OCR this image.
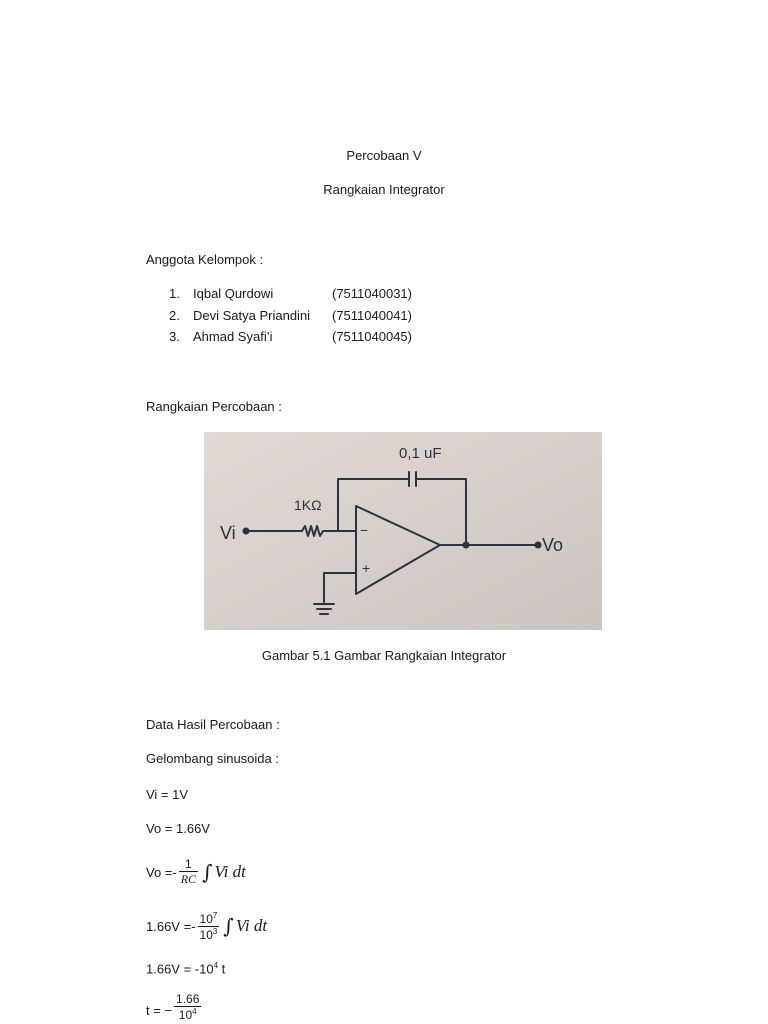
Percobaan V
Rangkaian Integrator
Anggota Kelompok :
1. Iqbal Qurdowi	(7511040031)
2. Devi Satya Priandini (7511040041)
3. Ahmad Syafi’i	(7511040045)
Rangkaian Percobaan :
0,1 uF
1KΩ
Vi
Vo
−
+
Gambar 5.1 Gambar Rangkaian Integrator
Data Hasil Percobaan :
Gelombang sinusoida :
Vi = 1V
Vo = 1.66V
$Vo =- \frac{1}{RC}$ ∫ Vi dt
$1.66V =- \frac{10^7}{10^3}$ ∫ Vi dt
$1.66V = -10^4$ t
t = − $\frac{1.66}{10^4}$
